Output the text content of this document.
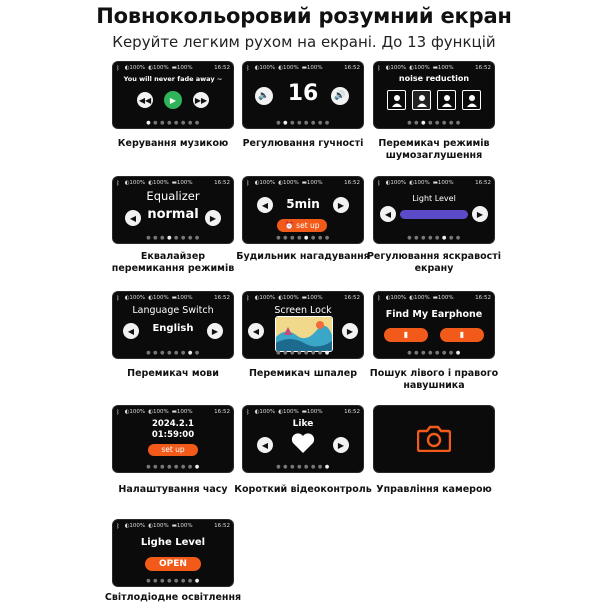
Повнокольоровий розумний екран
Керуйте легким рухом на екрані. До 13 функцій
ᛒ ◐100% ◐100% ▬100%	16:52
You will never fade away ~
◀◀	▶	▶▶
● ● ● ● ● ● ● ●
Керування музикою
ᛒ ◐100% ◐100% ▬100%	16:52
🔈 16	🔊
● ● ● ● ● ● ● ●
Регулювання гучності
ᛒ ◐100% ◐100% ▬100%	16:52
noise reduction
● ● ● ● ● ● ● ●
Перемикач режимів шумозаглушення
ᛒ ◐100% ◐100% ▬100%	16:52
Equalizer
◀ normal	▶
● ● ● ● ● ● ● ●
Еквалайзер перемикання режимів
ᛒ ◐100% ◐100% ▬100%	16:52
◀	5min	▶
⏰ set up
● ● ● ● ● ● ● ●
Будильник нагадування
ᛒ ◐100% ◐100% ▬100%	16:52
Light Level
◀	▶
● ● ● ● ● ● ● ●
Регулювання яскравості екрану
ᛒ ◐100% ◐100% ▬100%	16:52
Language Switch
◀	English	▶
● ● ● ● ● ● ● ●
Перемикач мови
ᛒ ◐100% ◐100% ▬100%	16:52
Screen Lock
◀	▶
● ● ● ● ● ● ● ●
Перемикач шпалер
ᛒ ◐100% ◐100% ▬100%	16:52
Find My Earphone
▮	▮
● ● ● ● ● ● ● ●
Пошук лівого і правого навушника
ᛒ ◐100% ◐100% ▬100%	16:52
2024.2.1
01:59:00
set up
● ● ● ● ● ● ● ●
Налаштування часу
ᛒ ◐100% ◐100% ▬100%	16:52
Like
◀	▶
● ● ● ● ● ● ● ●
Короткий відеоконтроль Управління камерою
ᛒ ◐100% ◐100% ▬100%	16:52
Lighe Level
OPEN
● ● ● ● ● ● ● ●
Світлодіодне освітлення
